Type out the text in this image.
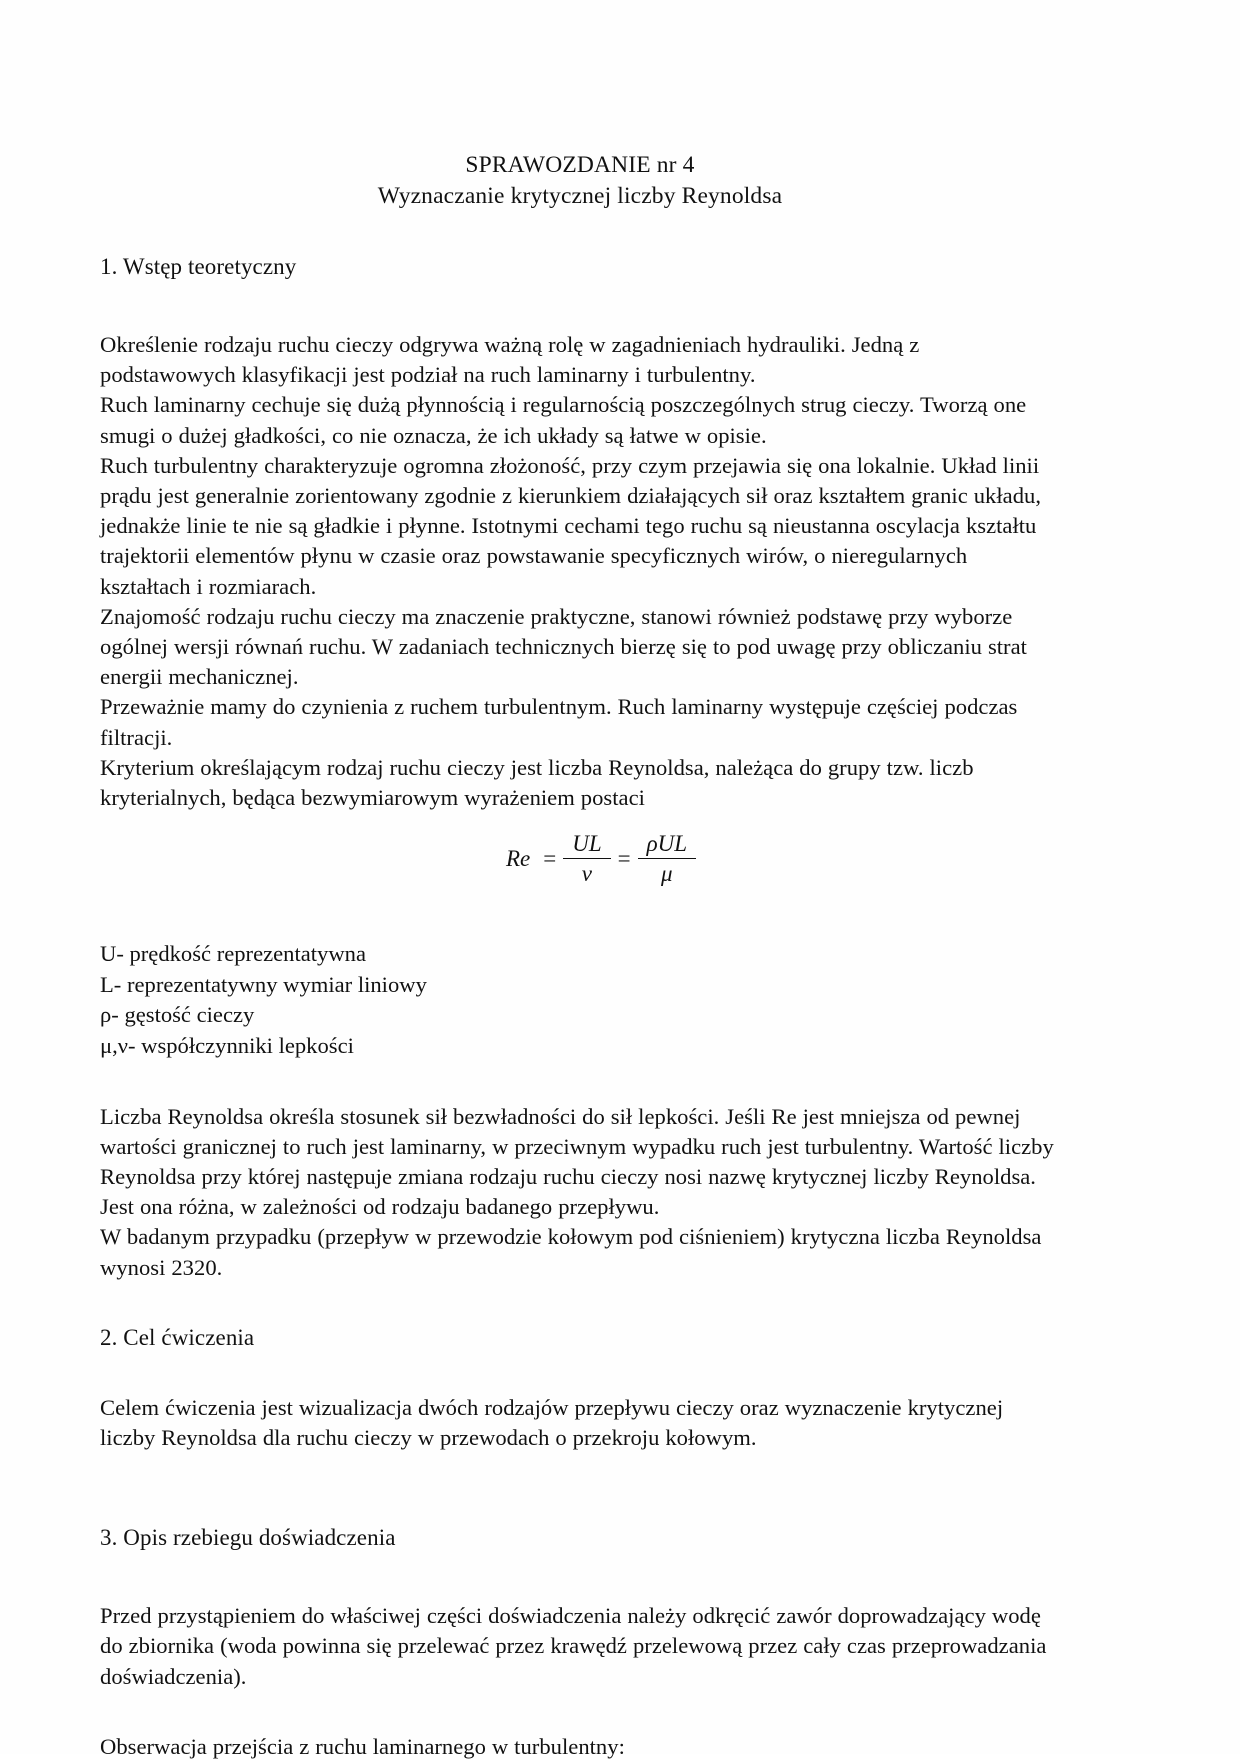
SPRAWOZDANIE nr 4
Wyznaczanie krytycznej liczby Reynoldsa
1. Wstęp teoretyczny

Określenie rodzaju ruchu cieczy odgrywa ważną rolę w zagadnieniach hydrauliki. Jedną z podstawowych klasyfikacji jest podział na ruch laminarny i turbulentny.

Ruch laminarny cechuje się dużą płynnością i regularnością poszczególnych strug cieczy. Tworzą one smugi o dużej gładkości, co nie oznacza, że ich układy są łatwe w opisie.

Ruch turbulentny charakteryzuje ogromna złożoność, przy czym przejawia się ona lokalnie. Układ linii prądu jest generalnie zorientowany zgodnie z kierunkiem działających sił oraz kształtem granic układu, jednakże linie te nie są gładkie i płynne. Istotnymi cechami tego ruchu są nieustanna oscylacja kształtu trajektorii elementów płynu w czasie oraz powstawanie specyficznych wirów, o nieregularnych kształtach i rozmiarach.

Znajomość rodzaju ruchu cieczy ma znaczenie praktyczne, stanowi również podstawę przy wyborze ogólnej wersji równań ruchu. W zadaniach technicznych bierzę się to pod uwagę przy obliczaniu strat energii mechanicznej.

Przeważnie mamy do czynienia z ruchem turbulentnym. Ruch laminarny występuje częściej podczas filtracji.

Kryterium określającym rodzaj ruchu cieczy jest liczba Reynoldsa, należąca do grupy tzw. liczb kryterialnych, będąca bezwymiarowym wyrażeniem postaci

$Re = \frac{UL}{\nu} = \frac{\text{ρUL}}{\mu}$
U- prędkość reprezentatywna
L- reprezentatywny wymiar liniowy
ρ- gęstość cieczy
μ,ν- współczynniki lepkości

Liczba Reynoldsa określa stosunek sił bezwładności do sił lepkości. Jeśli Re jest mniejsza od pewnej wartości granicznej to ruch jest laminarny, w przeciwnym wypadku ruch jest turbulentny. Wartość liczby Reynoldsa przy której następuje zmiana rodzaju ruchu cieczy nosi nazwę krytycznej liczby Reynoldsa. Jest ona różna, w zależności od rodzaju badanego przepływu.

W badanym przypadku (przepływ w przewodzie kołowym pod ciśnieniem) krytyczna liczba Reynoldsa wynosi 2320.

2. Cel ćwiczenia

Celem ćwiczenia jest wizualizacja dwóch rodzajów przepływu cieczy oraz wyznaczenie krytycznej liczby Reynoldsa dla ruchu cieczy w przewodach o przekroju kołowym.

3. Opis rzebiegu doświadczenia

Przed przystąpieniem do właściwej części doświadczenia należy odkręcić zawór doprowadzający wodę do zbiornika (woda powinna się przelewać przez krawędź przelewową przez cały czas przeprowadzania doświadczenia).

Obserwacja przejścia z ruchu laminarnego w turbulentny:
